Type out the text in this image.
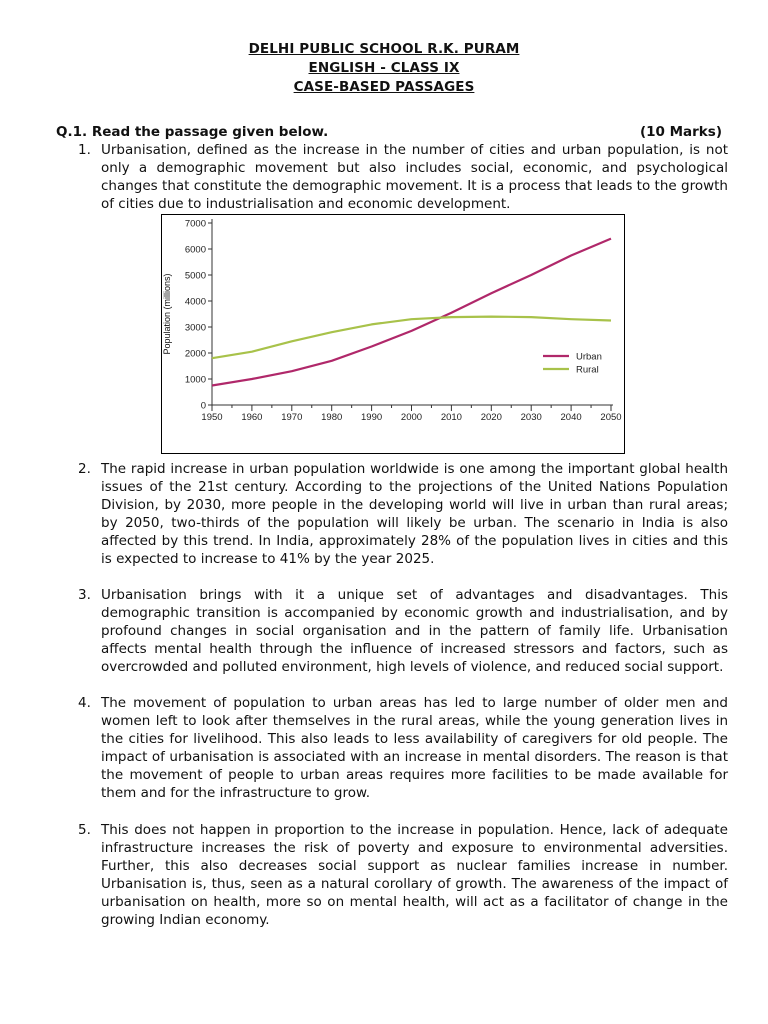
DELHI PUBLIC SCHOOL R.K. PURAM
ENGLISH - CLASS IX
CASE-BASED PASSAGES
Q.1. Read the passage given below.	(10 Marks)
1. Urbanisation, defined as the increase in the number of cities and urban population, is not only a demographic movement but also includes social, economic, and psychological changes that constitute the demographic movement. It is a process that leads to the growth of cities due to industrialisation and economic development.
0
1000
2000
3000
4000
5000
6000
7000
1950 1960 1970 1980 1990 2000 2010 2020 2030 2040 2050
Population (millions)
Urban
Rural
2. The rapid increase in urban population worldwide is one among the important global health issues of the 21st century. According to the projections of the United Nations Population Division, by 2030, more people in the developing world will live in urban than rural areas; by 2050, two-thirds of the population will likely be urban. The scenario in India is also affected by this trend. In India, approximately 28% of the population lives in cities and this is expected to increase to 41% by the year 2025.
3. Urbanisation brings with it a unique set of advantages and disadvantages. This demographic transition is accompanied by economic growth and industrialisation, and by profound changes in social organisation and in the pattern of family life. Urbanisation affects mental health through the influence of increased stressors and factors, such as overcrowded and polluted environment, high levels of violence, and reduced social support.
4. The movement of population to urban areas has led to large number of older men and women left to look after themselves in the rural areas, while the young generation lives in the cities for livelihood. This also leads to less availability of caregivers for old people. The impact of urbanisation is associated with an increase in mental disorders. The reason is that the movement of people to urban areas requires more facilities to be made available for them and for the infrastructure to grow.
5. This does not happen in proportion to the increase in population. Hence, lack of adequate infrastructure increases the risk of poverty and exposure to environmental adversities. Further, this also decreases social support as nuclear families increase in number. Urbanisation is, thus, seen as a natural corollary of growth. The awareness of the impact of urbanisation on health, more so on mental health, will act as a facilitator of change in the growing Indian economy.
